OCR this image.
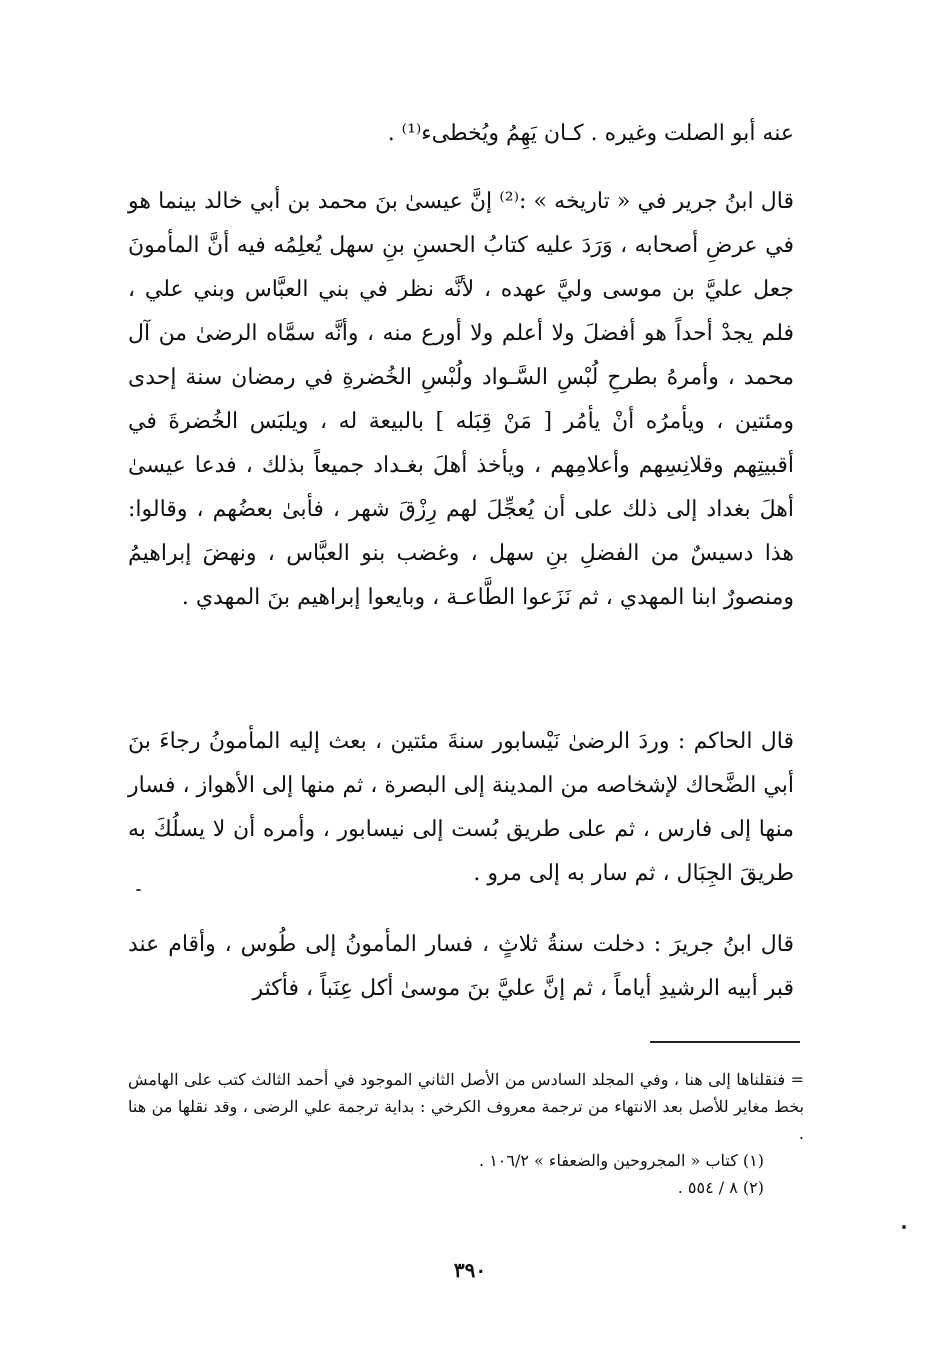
عنه أبو الصلت وغيره . كـان يَهِمُ ويُخطىء⁽¹⁾ .

قال ابنُ جرير في « تاريخه » :⁽²⁾ إنَّ عيسىٰ بنَ محمد بن أبي خالد بينما هو في عرضِ أصحابه ، وَرَدَ عليه كتابُ الحسنِ بنِ سهل يُعلِمُه فيه أنَّ المأمونَ جعل عليَّ بن موسى وليَّ عهده ، لأنَّه نظر في بني العبَّاس وبني علي ، فلم يجدْ أحداً هو أفضلَ ولا أعلم ولا أورع منه ، وأنَّه سمَّاه الرضىٰ من آل محمد ، وأمرهُ بطرحِ لُبْسِ السَّـواد ولُبْسِ الخُضرةِ في رمضان سنة إحدى ومئتين ، ويأمرُه أنْ يأمُر [ مَنْ قِبَله ] بالبيعة له ، ويلبَس الخُضرةَ في أقبيتِهم وقلانِسِهم وأعلامِهم ، ويأخذ أهلَ بغـداد جميعاً بذلك ، فدعا عيسىٰ أهلَ بغداد إلى ذلك على أن يُعجِّلَ لهم رِزْقَ شهر ، فأبىٰ بعضُهم ، وقالوا: هذا دسيسٌ من الفضلِ بنِ سهل ، وغضب بنو العبَّاس ، ونهضَ إبراهيمُ ومنصورٌ ابنا المهدي ، ثم نَزَعوا الطَّاعـة ، وبايعوا إبراهيم بنَ المهدي .

قال الحاكم : وردَ الرضىٰ نَيْسابور سنةَ مئتين ، بعث إليه المأمونُ رجاءَ بنَ أبي الضَّحاك لإشخاصه من المدينة إلى البصرة ، ثم منها إلى الأهواز ، فسار منها إلى فارس ، ثم على طريق بُست إلى نيسابور ، وأمره أن لا يسلُكَ به طريقَ الجِبَال ، ثم سار به إلى مرو .

قال ابنُ جريرَ : دخلت سنةُ ثلاثٍ ، فسار المأمونُ إلى طُوس ، وأقام عند قبر أبيه الرشيدِ أياماً ، ثم إنَّ عليَّ بنَ موسىٰ أكل عِنَباً ، فأكثر

= فنقلناها إلى هنا ، وفي المجلد السادس من الأصل الثاني الموجود في أحمد الثالث كتب على الهامش بخط مغاير للأصل بعد الانتهاء من ترجمة معروف الكرخي : بداية ترجمة علي الرضى ، وقد نقلها من هنا .

(١) كتاب « المجروحين والضعفاء » ١٠٦/٢ .

(٢) ٨ / ٥٥٤ .

٣٩٠
